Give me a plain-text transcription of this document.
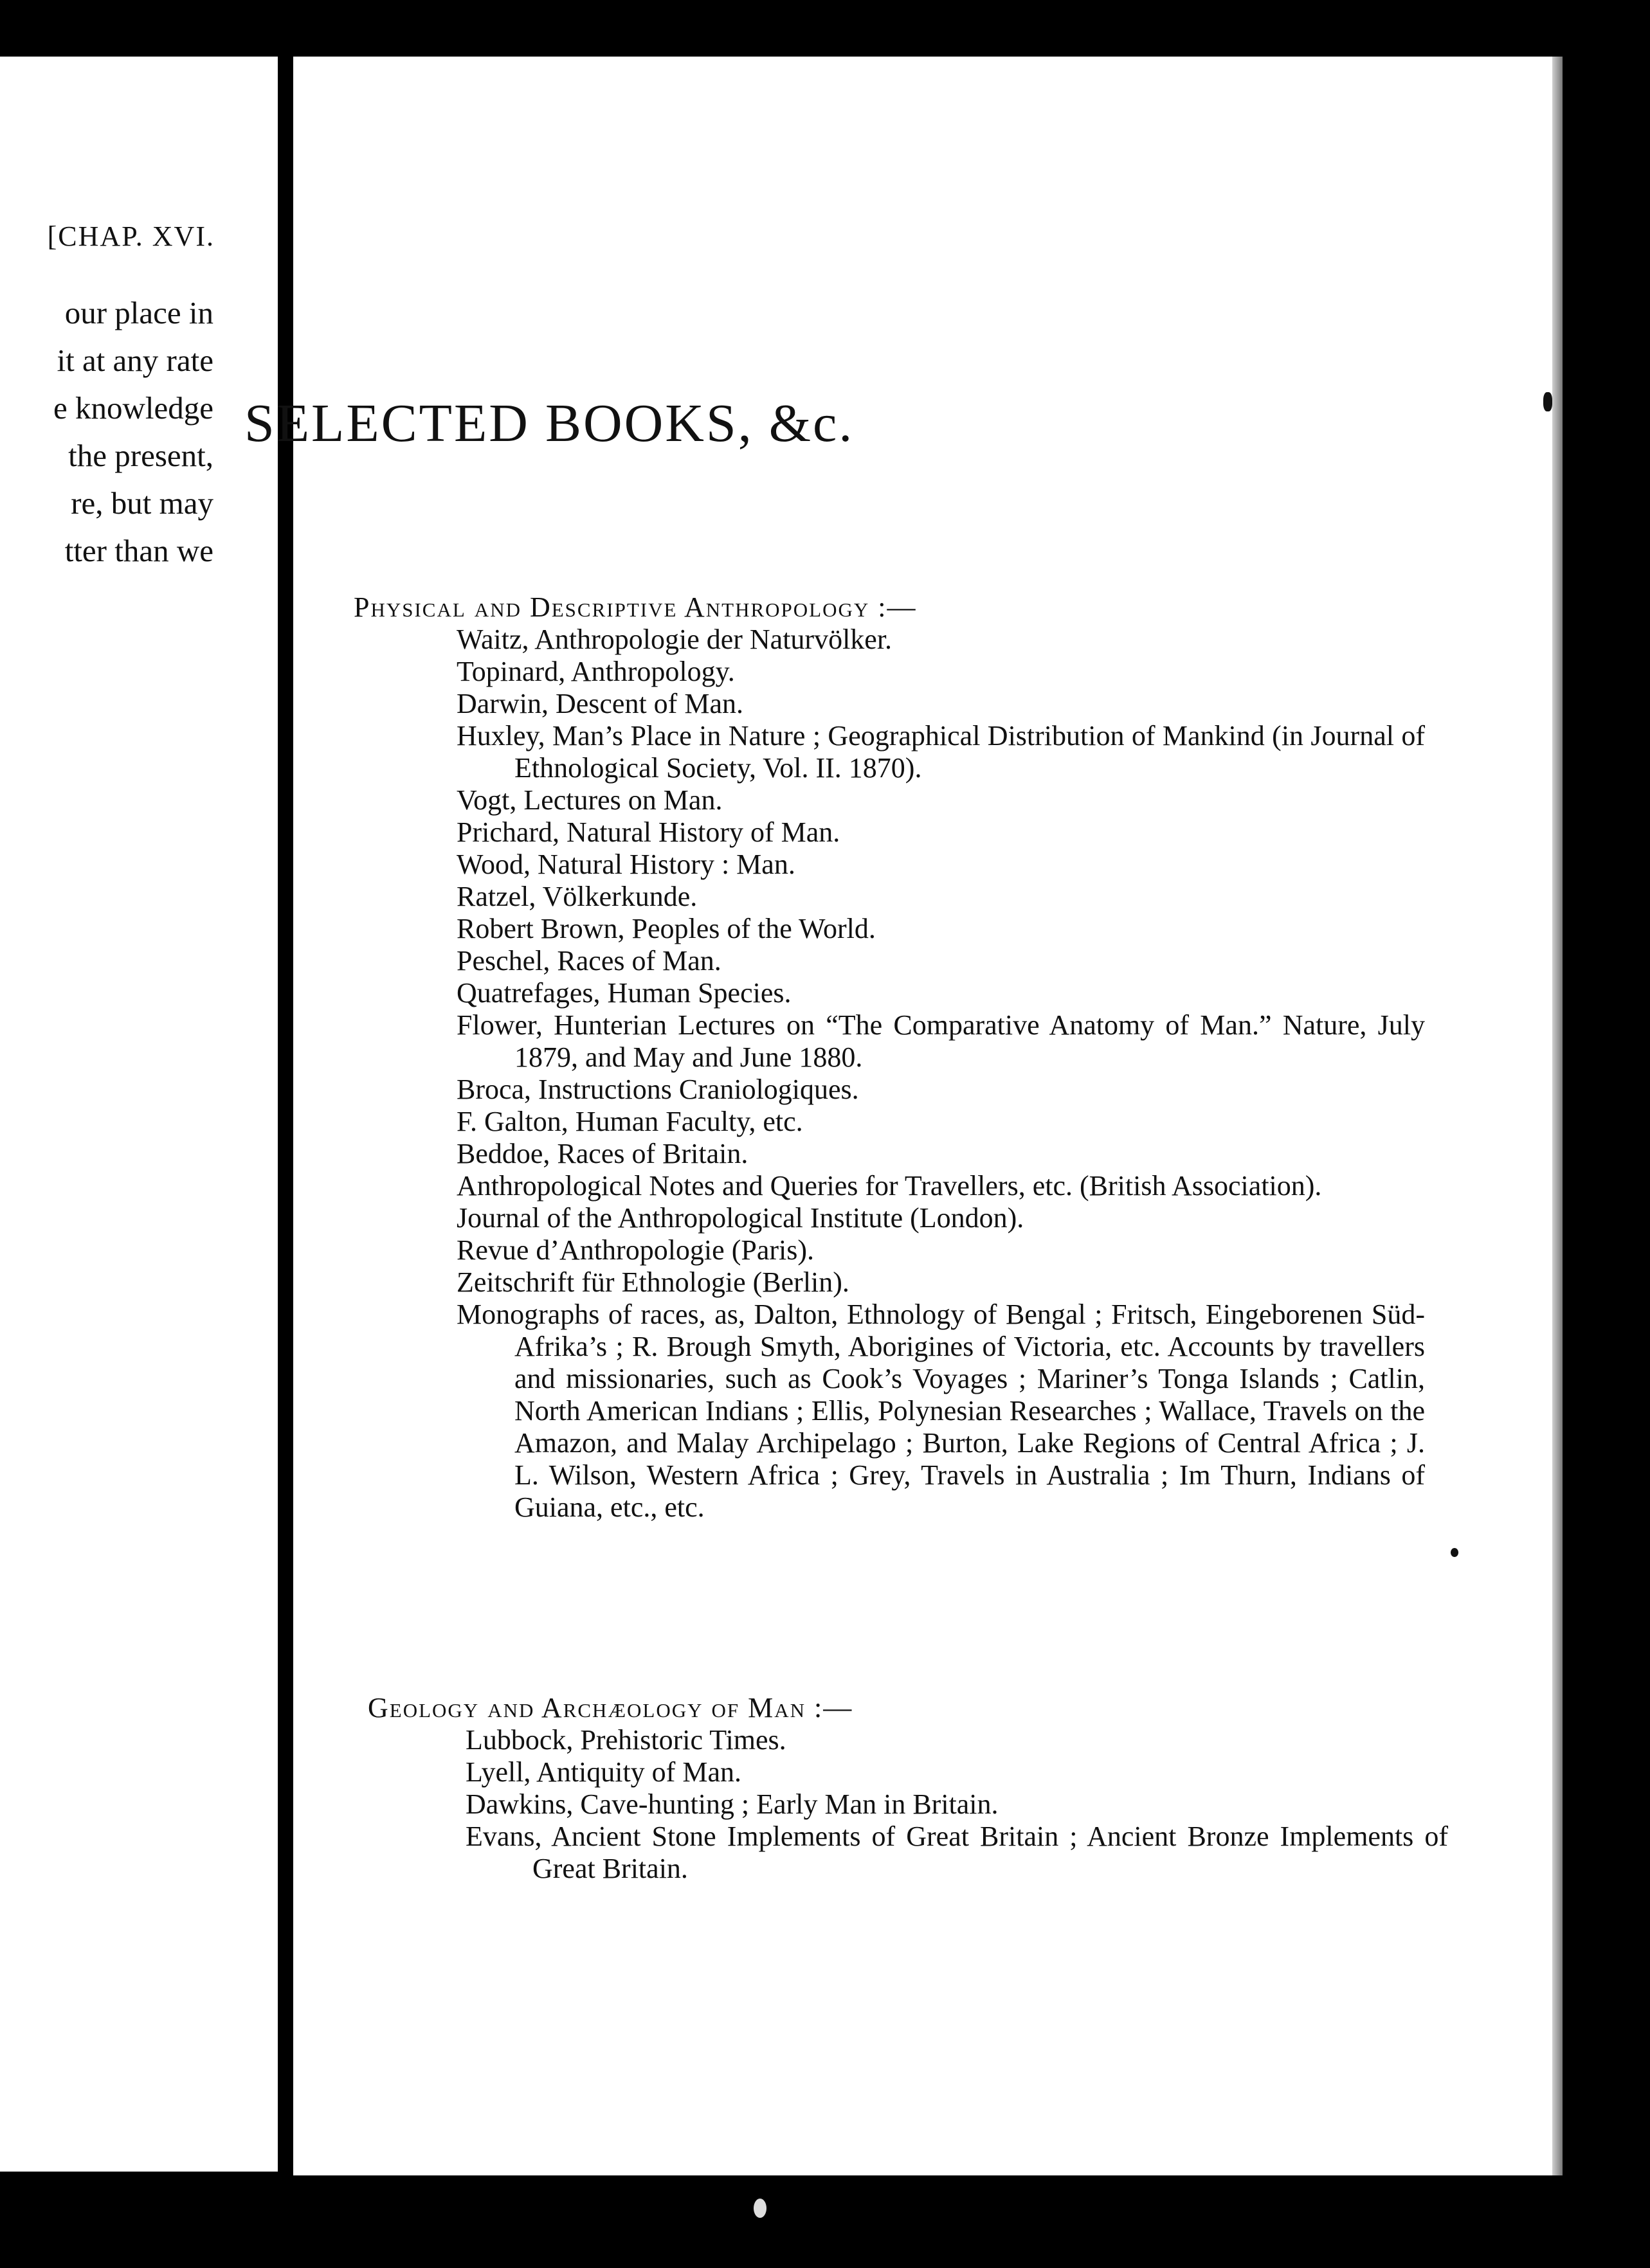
[CHAP. XVI.
our place in
it at any rate
e knowledge
the present,
re, but may
tter than we
SELECTED BOOKS, &c.
Physical and Descriptive Anthropology :—
Waitz, Anthropologie der Naturvölker.
Topinard, Anthropology.
Darwin, Descent of Man.
Huxley, Man’s Place in Nature ; Geographical Distribution of Mankind (in Journal of Ethnological Society, Vol. II. 1870).
Vogt, Lectures on Man.
Prichard, Natural History of Man.
Wood, Natural History : Man.
Ratzel, Völkerkunde.
Robert Brown, Peoples of the World.
Peschel, Races of Man.
Quatrefages, Human Species.
Flower, Hunterian Lectures on “The Comparative Anatomy of Man.” Nature, July 1879, and May and June 1880.
Broca, Instructions Craniologiques.
F. Galton, Human Faculty, etc.
Beddoe, Races of Britain.
Anthropological Notes and Queries for Travellers, etc. (British Association).
Journal of the Anthropological Institute (London).
Revue d’Anthropologie (Paris).
Zeitschrift für Ethnologie (Berlin).
Monographs of races, as, Dalton, Ethnology of Bengal ; Fritsch, Eingeborenen Süd-Afrika’s ; R. Brough Smyth, Aborigines of Victoria, etc. Accounts by travellers and missionaries, such as Cook’s Voyages ; Mariner’s Tonga Islands ; Catlin, North American Indians ; Ellis, Polynesian Researches ; Wallace, Travels on the Amazon, and Malay Archipelago ; Burton, Lake Regions of Central Africa ; J. L. Wilson, Western Africa ; Grey, Travels in Australia ; Im Thurn, Indians of Guiana, etc., etc.
Geology and Archæology of Man :—
Lubbock, Prehistoric Times.
Lyell, Antiquity of Man.
Dawkins, Cave-hunting ; Early Man in Britain.
Evans, Ancient Stone Implements of Great Britain ; Ancient Bronze Implements of Great Britain.
